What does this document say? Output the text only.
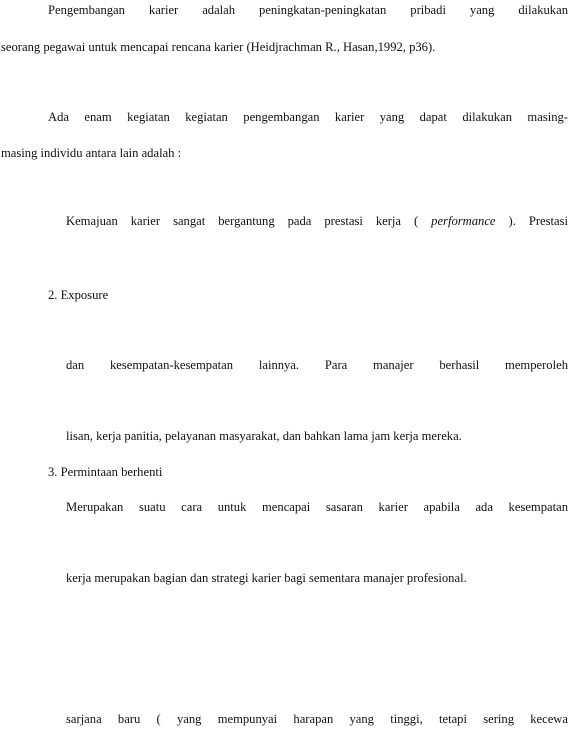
Pengembangan karier adalah peningkatan-peningkatan pribadi yang dilakukan
seorang pegawai untuk mencapai rencana karier (Heidjrachman R., Hasan,1992, p36).
Ada enam kegiatan kegiatan pengembangan karier yang dapat dilakukan masing-
masing individu antara lain adalah :
Kemajuan karier sangat bergantung pada prestasi kerja ( performance ). Prestasi
2. Exposure
dan kesempatan-kesempatan lainnya. Para manajer berhasil memperoleh
lisan, kerja panitia, pelayanan masyarakat, dan bahkan lama jam kerja mereka.
3. Permintaan berhenti
Merupakan suatu cara untuk mencapai sasaran karier apabila ada kesempatan
kerja merupakan bagian dan strategi karier bagi sementara manajer profesional.
sarjana baru ( yang mempunyai harapan yang tinggi, tetapi sering kecewa
